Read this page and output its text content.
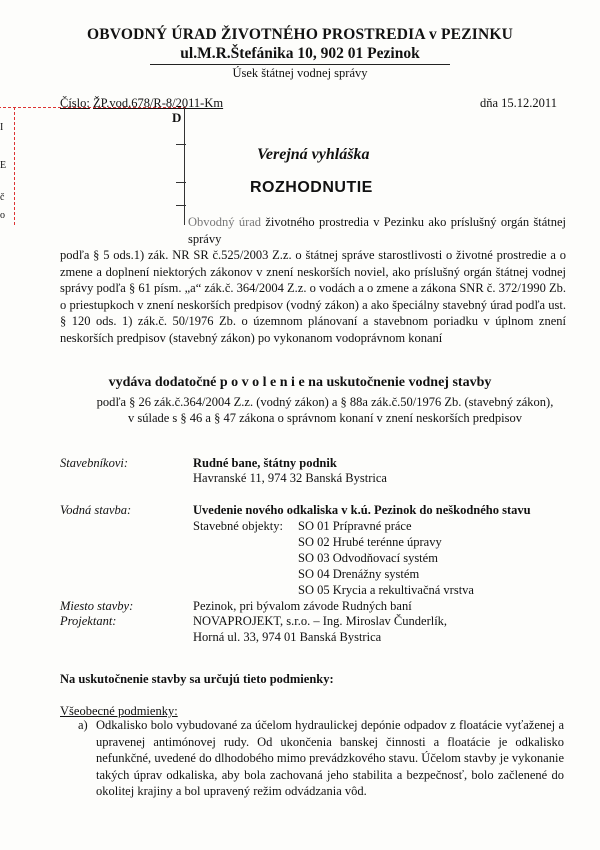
OBVODNÝ ÚRAD ŽIVOTNÉHO PROSTREDIA v PEZINKU
ul.M.R.Štefánika 10, 902 01 Pezinok
Úsek štátnej vodnej správy
Číslo: ŽP.vod.678/R-8/2011-Km	dňa 15.12.2011
D
I
E
č
o
Verejná vyhláška
ROZHODNUTIE
Obvodný úrad životného prostredia v Pezinku ako príslušný orgán štátnej správy
podľa § 5 ods.1) zák. NR SR č.525/2003 Z.z. o štátnej správe starostlivosti o životné prostredie a o zmene a doplnení niektorých zákonov v znení neskorších noviel, ako príslušný orgán štátnej vodnej správy podľa § 61 písm. „a“ zák.č. 364/2004 Z.z. o vodách a o zmene a zákona SNR č. 372/1990 Zb. o priestupkoch v znení neskorších predpisov (vodný zákon) a ako špeciálny stavebný úrad podľa ust. § 120 ods. 1) zák.č. 50/1976 Zb. o územnom plánovaní a stavebnom poriadku v úplnom znení neskorších predpisov (stavebný zákon) po vykonanom vodoprávnom konaní
vydáva dodatočné p o v o l e n i e na uskutočnenie vodnej stavby
podľa § 26 zák.č.364/2004 Z.z. (vodný zákon) a § 88a zák.č.50/1976 Zb. (stavebný zákon),
v súlade s § 46 a § 47 zákona o správnom konaní v znení neskorších predpisov
Stavebníkovi:	Rudné bane, štátny podnik
Havranské 11, 974 32 Banská Bystrica
Vodná stavba:	Uvedenie nového odkaliska v k.ú. Pezinok do neškodného stavu
Stavebné objekty: SO 01 Prípravné práce
SO 02 Hrubé terénne úpravy
SO 03 Odvodňovací systém
SO 04 Drenážny systém
SO 05 Krycia a rekultivačná vrstva
Miesto stavby:	Pezinok, pri bývalom závode Rudných baní
Projektant:	NOVAPROJEKT, s.r.o. – Ing. Miroslav Čunderlík,
Horná ul. 33, 974 01 Banská Bystrica
Na uskutočnenie stavby sa určujú tieto podmienky:
Všeobecné podmienky:
a) Odkalisko bolo vybudované za účelom hydraulickej depónie odpadov z floatácie vyťaženej a upravenej antimónovej rudy. Od ukončenia banskej činnosti a floatácie je odkalisko nefunkčné, uvedené do dlhodobého mimo prevádzkového stavu. Účelom stavby je vykonanie takých úprav odkaliska, aby bola zachovaná jeho stabilita a bezpečnosť, bolo začlenené do okolitej krajiny a bol upravený režim odvádzania vôd.
